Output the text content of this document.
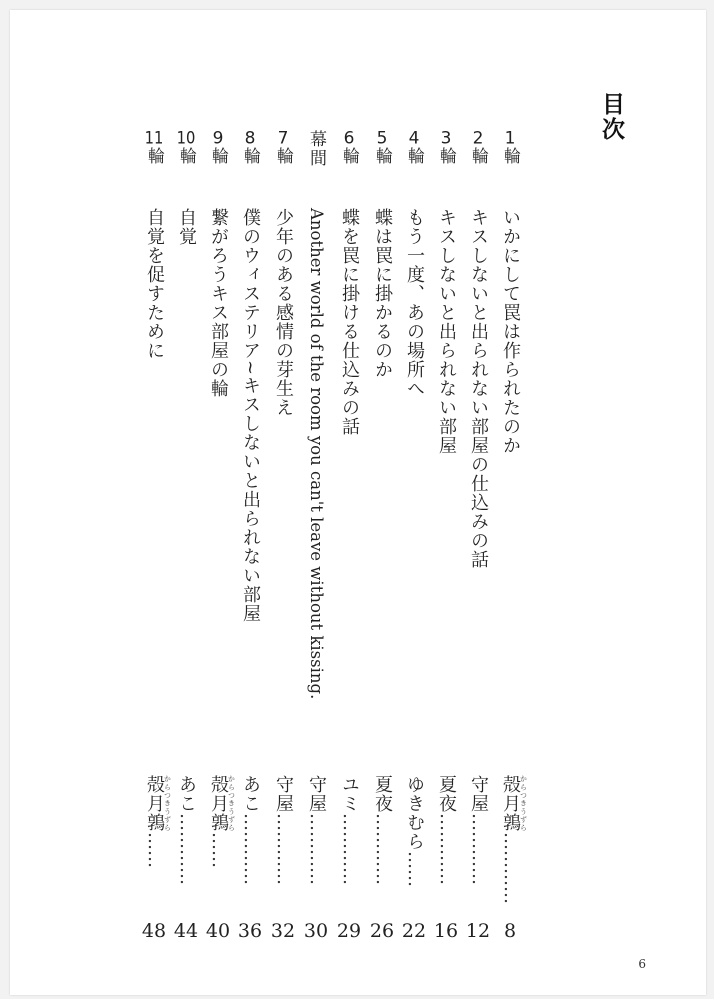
目次
1輪
いかにして罠は作られたのか
殻月鶉からつきうずら…………
8
2輪
キスしないと出られない部屋の仕込みの話
守屋…………
12
3輪
キスしないと出られない部屋
夏夜…………
16
4輪
もう一度、あの場所へ
ゆきむら……
22
5輪
蝶は罠に掛かるのか
夏夜…………
26
6輪
蝶を罠に掛ける仕込みの話
ユミ…………
29
幕間
Another world of the room you can't leave without kissing.
守屋…………
30
7輪
少年のある感情の芽生え
守屋…………
32
8輪
僕のウィステリア~キスしないと出られない部屋
あこ…………
36
9輪
繋がろうキス部屋の輪
殻月鶉からつきうずら……
40
10輪
自覚
あこ…………
44
11輪
自覚を促すために
殻月鶉からつきうずら……
48
6
